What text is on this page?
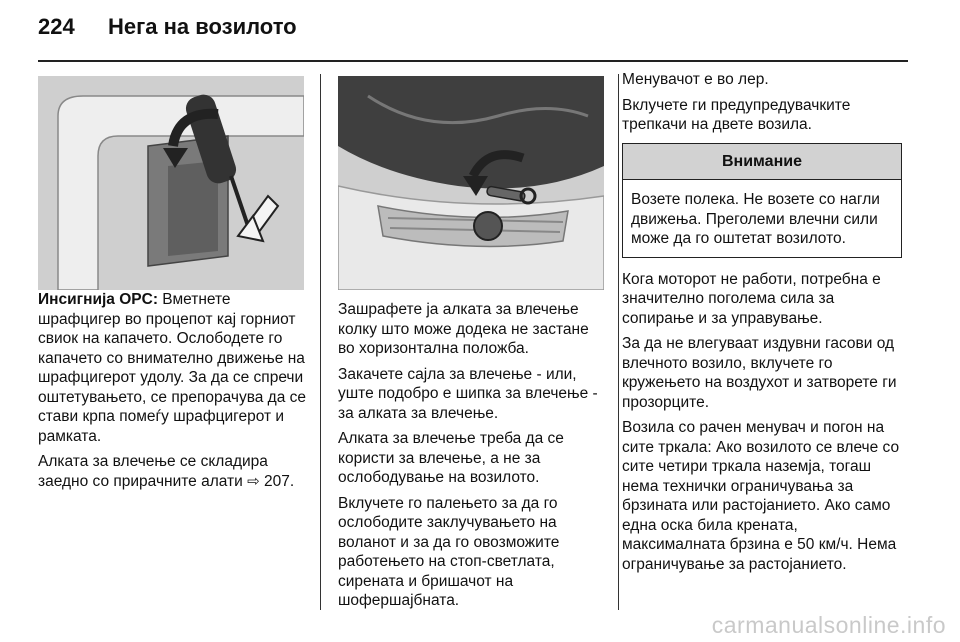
224 Нега на возилото

Инсигнија OPC: Вметнете шрафцигер во процепот кај горниот свиок на капачето. Ослободете го капачето со внимателно движење на шрафцигерот удолу. За да се спречи оштетувањето, се препорачува да се стави крпа помеѓу шрафцигерот и рамката.

Алката за влечење се складира заедно со прирачните алати ⇨ 207.

Зашрафете ја алката за влечење колку што може додека не застане во хоризонтална положба.

Закачете сајла за влечење - или, уште подобро е шипка за влечење - за алката за влечење.

Алката за влечење треба да се користи за влечење, а не за ослободување на возилото.

Вклучете го палењето за да го ослободите заклучувањето на воланот и за да го овозможите работењето на стоп-светлата, сирената и бришачот на шофершајбната.

Менувачот е во лер.

Вклучете ги предупредувачките трепкачи на двете возила.

Внимание
Возете полека. Не возете со нагли движења. Преголеми влечни сили може да го оштетат возилото.

Кога моторот не работи, потребна е значително поголема сила за сопирање и за управување.

За да не влегуваат издувни гасови од влечното возило, вклучете го кружењето на воздухот и затворете ги прозорците.

Возила со рачен менувач и погон на сите тркала: Ако возилото се влече со сите четири тркала наземја, тогаш нема технички ограничувања за брзината или растојанието. Ако само една оска била кренaта, максималната брзина е 50 км/ч. Нема ограничувањe за растојанието.

carmanualsonline.info
